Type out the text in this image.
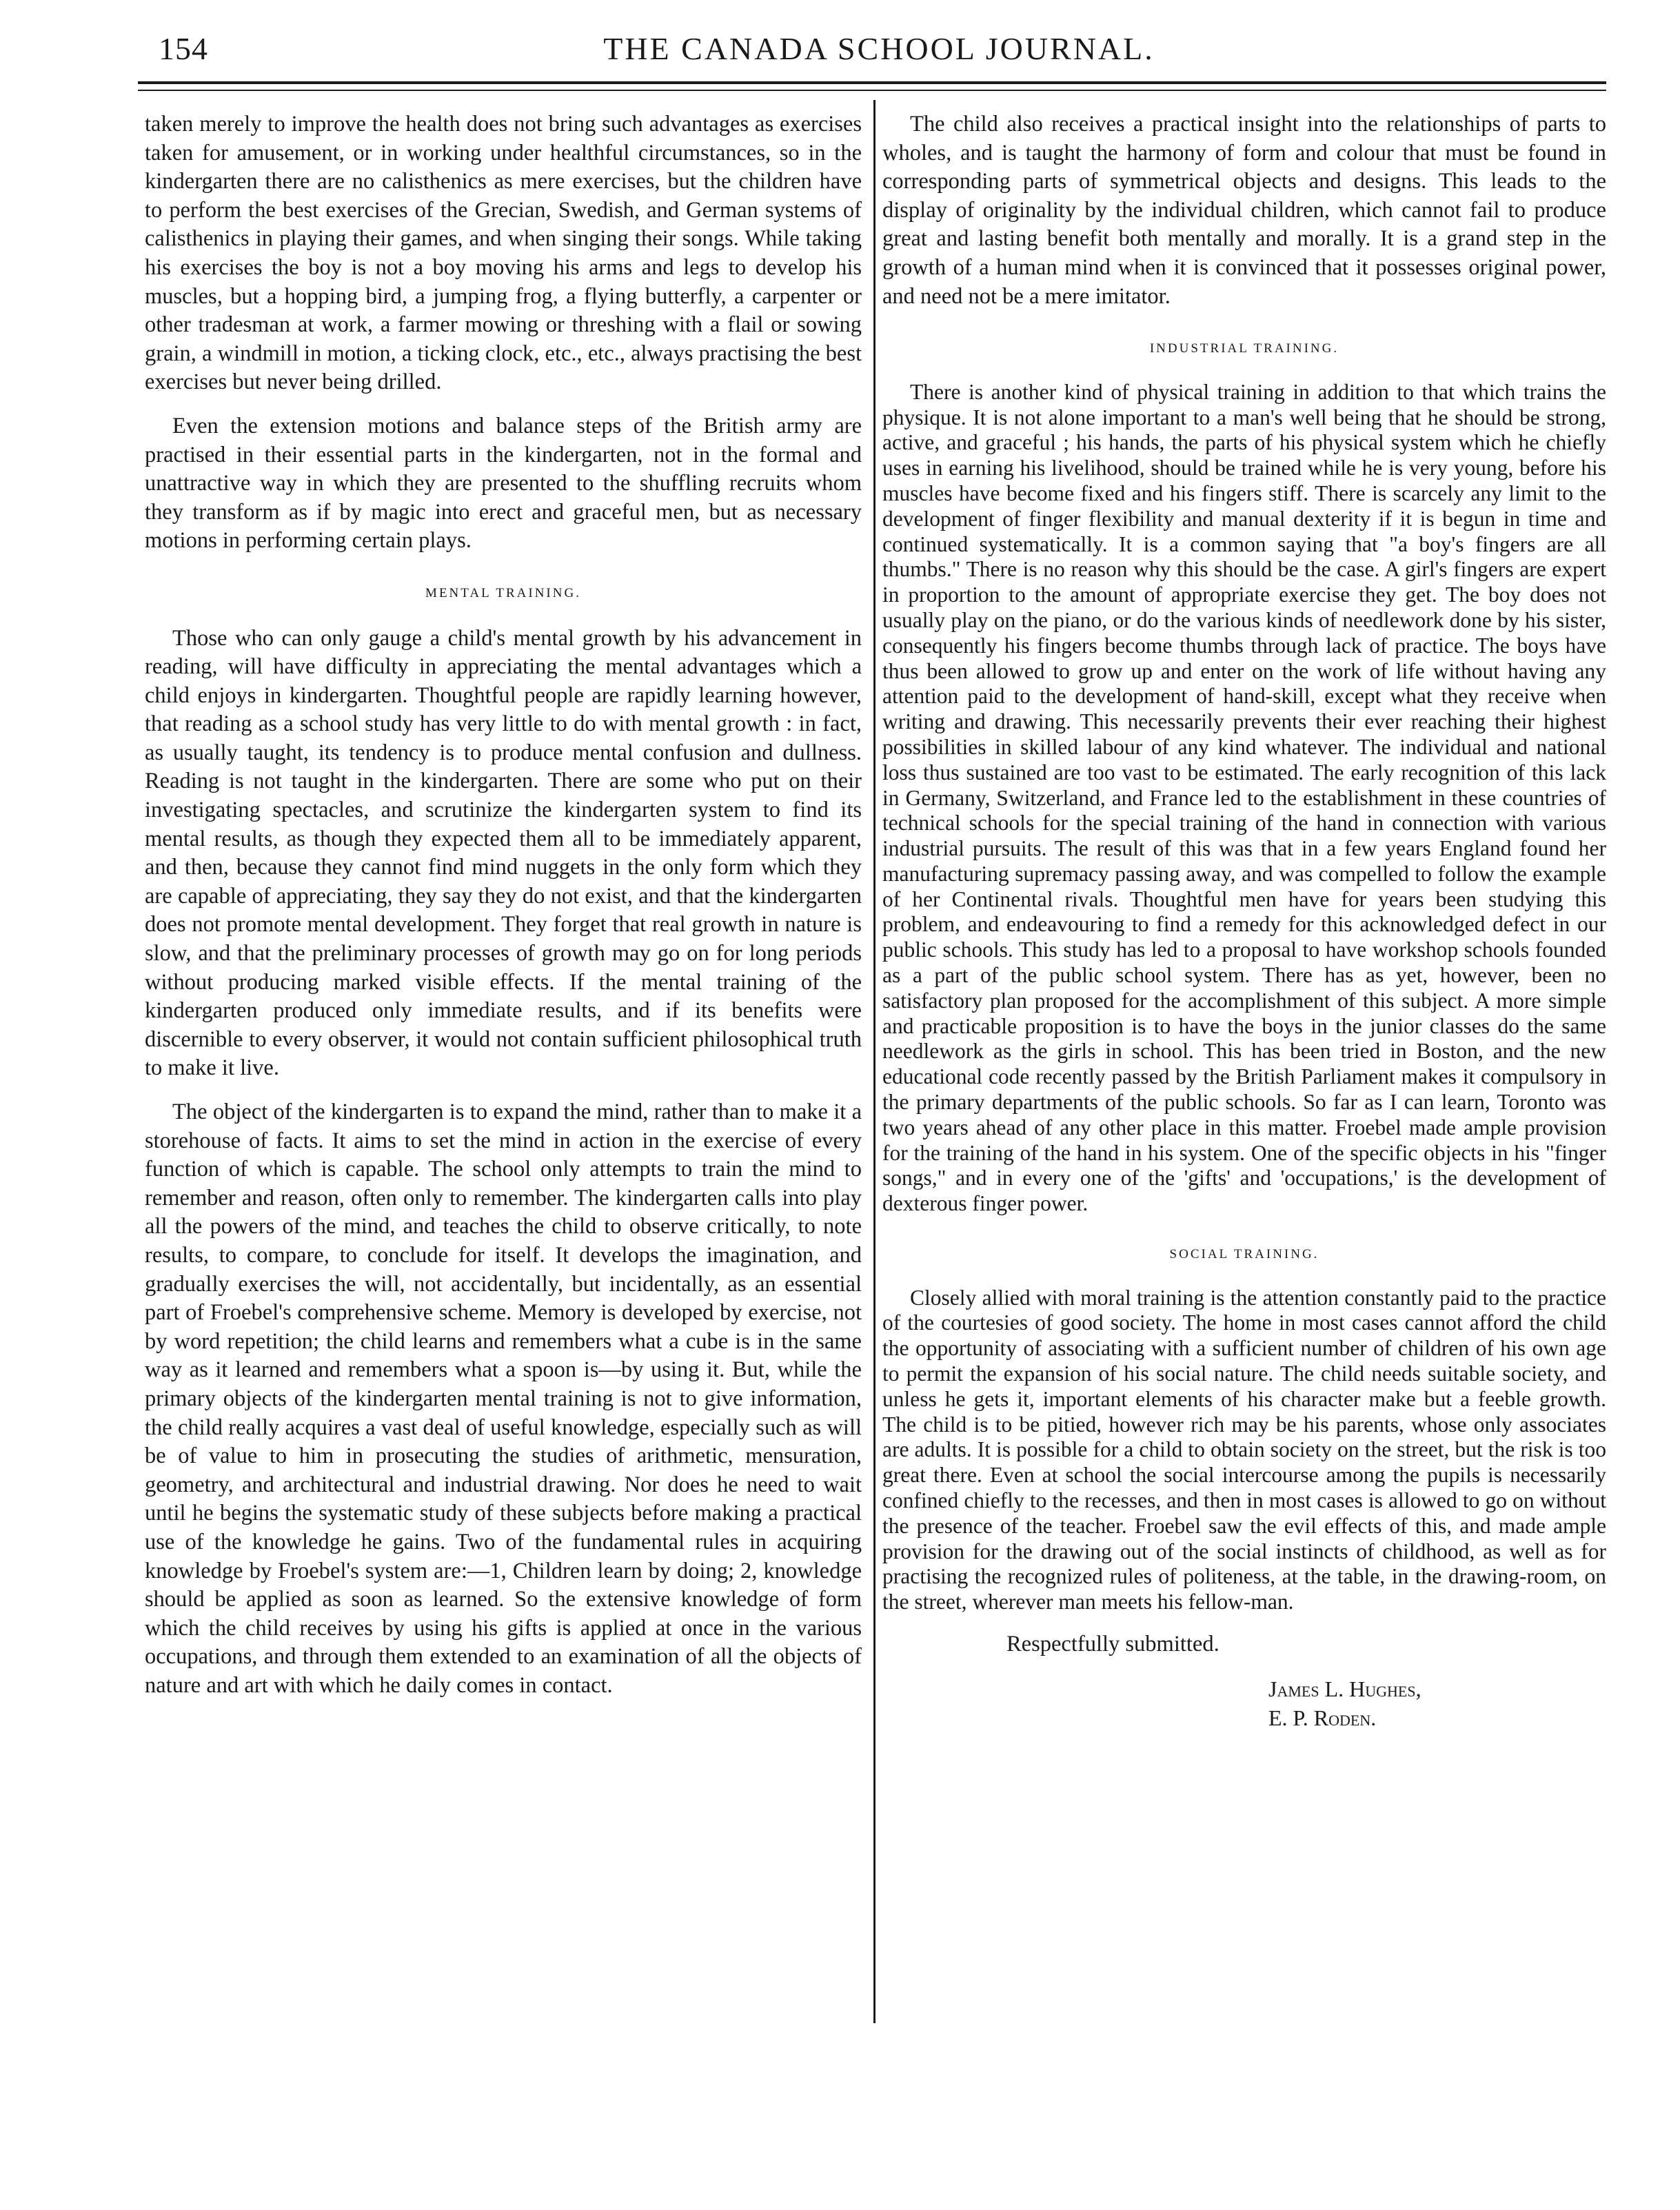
154	THE CANADA SCHOOL JOURNAL.

taken merely to improve the health does not bring such advantages as exercises taken for amusement, or in working under healthful circumstances, so in the kindergarten there are no calisthenics as mere exercises, but the children have to perform the best exercises of the Grecian, Swedish, and German systems of calisthenics in playing their games, and when singing their songs. While taking his exercises the boy is not a boy moving his arms and legs to develop his muscles, but a hopping bird, a jumping frog, a flying butterfly, a carpenter or other tradesman at work, a farmer mowing or threshing with a flail or sowing grain, a windmill in motion, a ticking clock, etc., etc., always practising the best exercises but never being drilled.

Even the extension motions and balance steps of the British army are practised in their essential parts in the kindergarten, not in the formal and unattractive way in which they are presented to the shuffling recruits whom they transform as if by magic into erect and graceful men, but as necessary motions in performing certain plays.

MENTAL TRAINING.

Those who can only gauge a child's mental growth by his advancement in reading, will have difficulty in appreciating the mental advantages which a child enjoys in kindergarten. Thoughtful people are rapidly learning however, that reading as a school study has very little to do with mental growth : in fact, as usually taught, its tendency is to produce mental confusion and dullness. Reading is not taught in the kindergarten. There are some who put on their investigating spectacles, and scrutinize the kindergarten system to find its mental results, as though they expected them all to be immediately apparent, and then, because they cannot find mind nuggets in the only form which they are capable of appreciating, they say they do not exist, and that the kindergarten does not promote mental development. They forget that real growth in nature is slow, and that the preliminary processes of growth may go on for long periods without producing marked visible effects. If the mental training of the kindergarten produced only immediate results, and if its benefits were discernible to every observer, it would not contain sufficient philosophical truth to make it live.

The object of the kindergarten is to expand the mind, rather than to make it a storehouse of facts. It aims to set the mind in action in the exercise of every function of which is capable. The school only attempts to train the mind to remember and reason, often only to remember. The kindergarten calls into play all the powers of the mind, and teaches the child to observe critically, to note results, to compare, to conclude for itself. It develops the imagination, and gradually exercises the will, not accidentally, but incidentally, as an essential part of Froebel's comprehensive scheme. Memory is developed by exercise, not by word repetition; the child learns and remembers what a cube is in the same way as it learned and remembers what a spoon is—by using it. But, while the primary objects of the kindergarten mental training is not to give information, the child really acquires a vast deal of useful knowledge, especially such as will be of value to him in prosecuting the studies of arithmetic, mensuration, geometry, and architectural and industrial drawing. Nor does he need to wait until he begins the systematic study of these subjects before making a practical use of the knowledge he gains. Two of the fundamental rules in acquiring knowledge by Froebel's system are:—1, Children learn by doing; 2, knowledge should be applied as soon as learned. So the extensive knowledge of form which the child receives by using his gifts is applied at once in the various occupations, and through them extended to an examination of all the objects of nature and art with which he daily comes in contact.

The child also receives a practical insight into the relationships of parts to wholes, and is taught the harmony of form and colour that must be found in corresponding parts of symmetrical objects and designs. This leads to the display of originality by the individual children, which cannot fail to produce great and lasting benefit both mentally and morally. It is a grand step in the growth of a human mind when it is convinced that it possesses original power, and need not be a mere imitator.

INDUSTRIAL TRAINING.

There is another kind of physical training in addition to that which trains the physique. It is not alone important to a man's well being that he should be strong, active, and graceful ; his hands, the parts of his physical system which he chiefly uses in earning his livelihood, should be trained while he is very young, before his muscles have become fixed and his fingers stiff. There is scarcely any limit to the development of finger flexibility and manual dexterity if it is begun in time and continued systematically. It is a common saying that "a boy's fingers are all thumbs." There is no reason why this should be the case. A girl's fingers are expert in proportion to the amount of appropriate exercise they get. The boy does not usually play on the piano, or do the various kinds of needlework done by his sister, consequently his fingers become thumbs through lack of practice. The boys have thus been allowed to grow up and enter on the work of life without having any attention paid to the development of hand-skill, except what they receive when writing and drawing. This necessarily prevents their ever reaching their highest possibilities in skilled labour of any kind whatever. The individual and national loss thus sustained are too vast to be estimated. The early recognition of this lack in Germany, Switzerland, and France led to the establishment in these countries of technical schools for the special training of the hand in connection with various industrial pursuits. The result of this was that in a few years England found her manufacturing supremacy passing away, and was compelled to follow the example of her Continental rivals. Thoughtful men have for years been studying this problem, and endeavouring to find a remedy for this acknowledged defect in our public schools. This study has led to a proposal to have workshop schools founded as a part of the public school system. There has as yet, however, been no satisfactory plan proposed for the accomplishment of this subject. A more simple and practicable proposition is to have the boys in the junior classes do the same needlework as the girls in school. This has been tried in Boston, and the new educational code recently passed by the British Parliament makes it compulsory in the primary departments of the public schools. So far as I can learn, Toronto was two years ahead of any other place in this matter. Froebel made ample provision for the training of the hand in his system. One of the specific objects in his "finger songs," and in every one of the 'gifts' and 'occupations,' is the development of dexterous finger power.

SOCIAL TRAINING.

Closely allied with moral training is the attention constantly paid to the practice of the courtesies of good society. The home in most cases cannot afford the child the opportunity of associating with a sufficient number of children of his own age to permit the expansion of his social nature. The child needs suitable society, and unless he gets it, important elements of his character make but a feeble growth. The child is to be pitied, however rich may be his parents, whose only associates are adults. It is possible for a child to obtain society on the street, but the risk is too great there. Even at school the social intercourse among the pupils is necessarily confined chiefly to the recesses, and then in most cases is allowed to go on without the presence of the teacher. Froebel saw the evil effects of this, and made ample provision for the drawing out of the social instincts of childhood, as well as for practising the recognized rules of politeness, at the table, in the drawing-room, on the street, wherever man meets his fellow-man.

Respectfully submitted.

James L. Hughes,
E. P. Roden.
